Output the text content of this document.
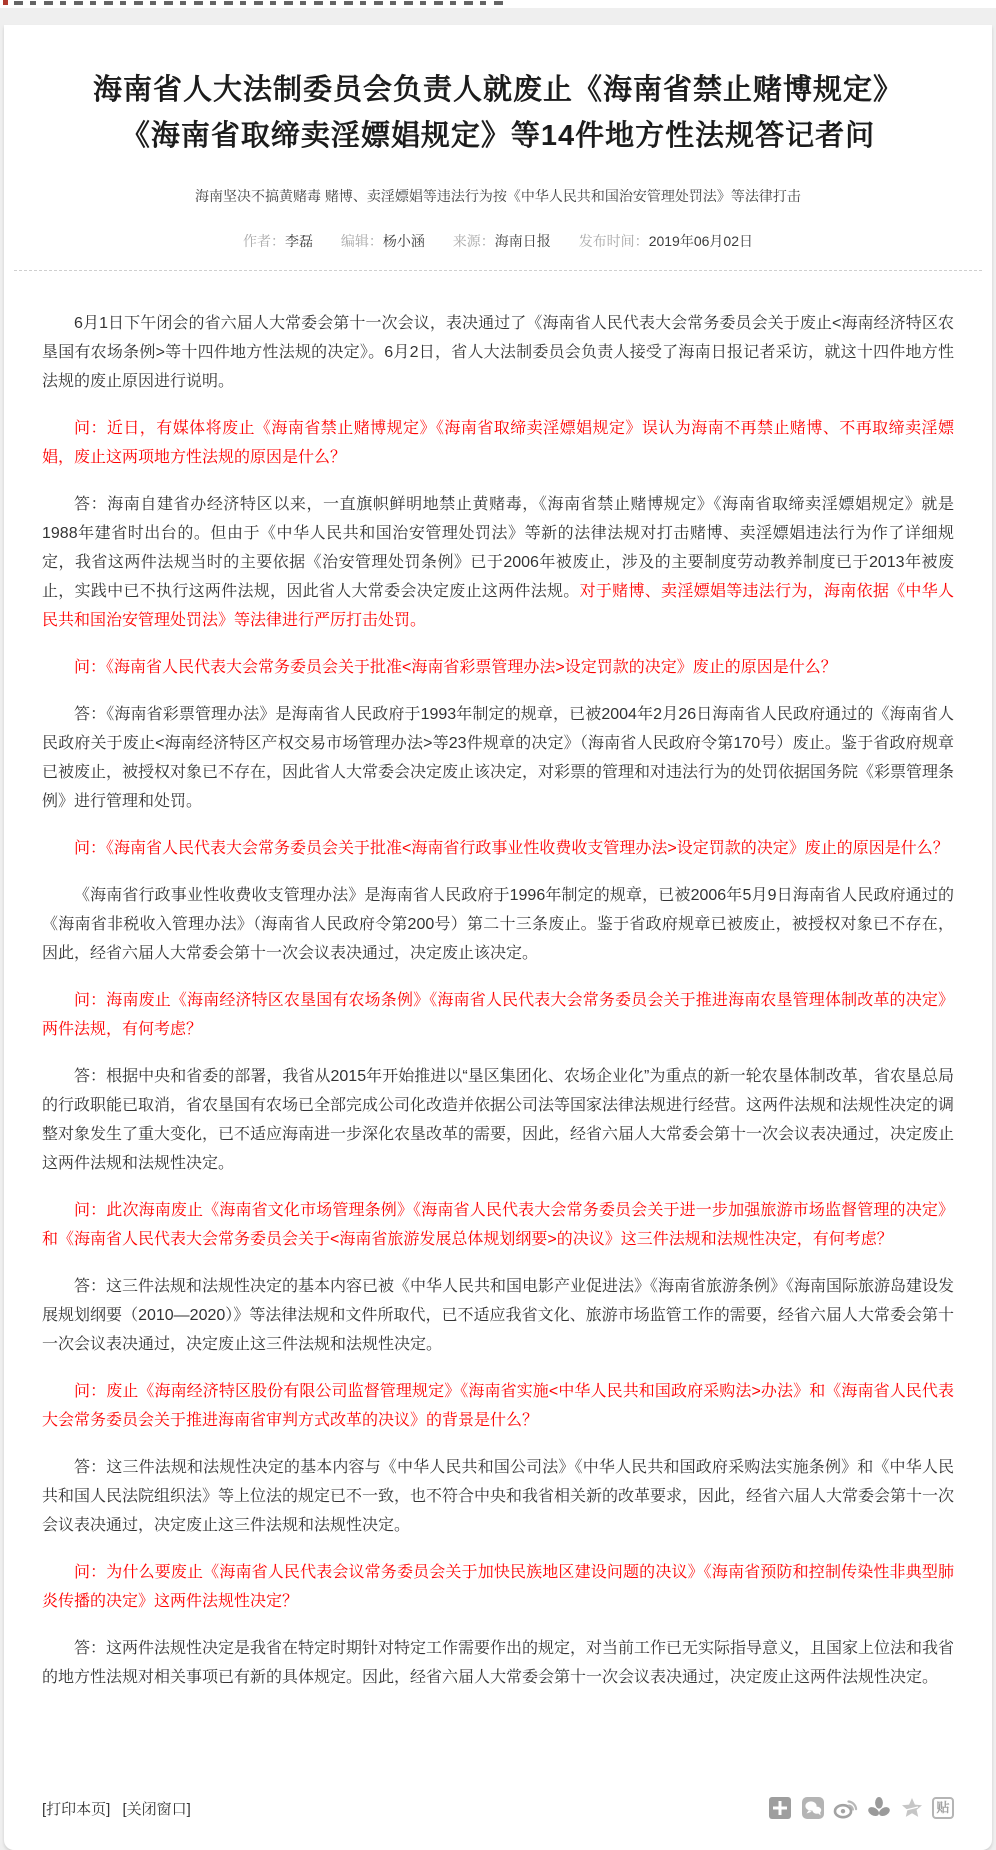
海南省人大法制委员会负责人就废止《海南省禁止赌博规定》
《海南省取缔卖淫嫖娼规定》等14件地方性法规答记者问
海南坚决不搞黄赌毒 赌博、卖淫嫖娼等违法行为按《中华人民共和国治安管理处罚法》等法律打击
作者：李磊 编辑：杨小涵 来源：海南日报 发布时间：2019年06月02日

6月1日下午闭会的省六届人大常委会第十一次会议，表决通过了《海南省人民代表大会常务委员会关于废止<海南经济特区农垦国有农场条例>等十四件地方性法规的决定》。6月2日，省人大法制委员会负责人接受了海南日报记者采访，就这十四件地方性法规的废止原因进行说明。

问：近日，有媒体将废止《海南省禁止赌博规定》《海南省取缔卖淫嫖娼规定》误认为海南不再禁止赌博、不再取缔卖淫嫖娼，废止这两项地方性法规的原因是什么？

答：海南自建省办经济特区以来，一直旗帜鲜明地禁止黄赌毒，《海南省禁止赌博规定》《海南省取缔卖淫嫖娼规定》就是1988年建省时出台的。但由于《中华人民共和国治安管理处罚法》等新的法律法规对打击赌博、卖淫嫖娼违法行为作了详细规定，我省这两件法规当时的主要依据《治安管理处罚条例》已于2006年被废止，涉及的主要制度劳动教养制度已于2013年被废止，实践中已不执行这两件法规，因此省人大常委会决定废止这两件法规。对于赌博、卖淫嫖娼等违法行为，海南依据《中华人民共和国治安管理处罚法》等法律进行严厉打击处罚。

问：《海南省人民代表大会常务委员会关于批准<海南省彩票管理办法>设定罚款的决定》废止的原因是什么？

答：《海南省彩票管理办法》是海南省人民政府于1993年制定的规章，已被2004年2月26日海南省人民政府通过的《海南省人民政府关于废止<海南经济特区产权交易市场管理办法>等23件规章的决定》（海南省人民政府令第170号）废止。鉴于省政府规章已被废止，被授权对象已不存在，因此省人大常委会决定废止该决定，对彩票的管理和对违法行为的处罚依据国务院《彩票管理条例》进行管理和处罚。

问：《海南省人民代表大会常务委员会关于批准<海南省行政事业性收费收支管理办法>设定罚款的决定》废止的原因是什么？

《海南省行政事业性收费收支管理办法》是海南省人民政府于1996年制定的规章，已被2006年5月9日海南省人民政府通过的《海南省非税收入管理办法》（海南省人民政府令第200号）第二十三条废止。鉴于省政府规章已被废止，被授权对象已不存在，因此，经省六届人大常委会第十一次会议表决通过，决定废止该决定。

问：海南废止《海南经济特区农垦国有农场条例》《海南省人民代表大会常务委员会关于推进海南农垦管理体制改革的决定》两件法规，有何考虑？

答：根据中央和省委的部署，我省从2015年开始推进以“垦区集团化、农场企业化”为重点的新一轮农垦体制改革，省农垦总局的行政职能已取消，省农垦国有农场已全部完成公司化改造并依据公司法等国家法律法规进行经营。这两件法规和法规性决定的调整对象发生了重大变化，已不适应海南进一步深化农垦改革的需要，因此，经省六届人大常委会第十一次会议表决通过，决定废止这两件法规和法规性决定。

问：此次海南废止《海南省文化市场管理条例》《海南省人民代表大会常务委员会关于进一步加强旅游市场监督管理的决定》和《海南省人民代表大会常务委员会关于<海南省旅游发展总体规划纲要>的决议》这三件法规和法规性决定，有何考虑？

答：这三件法规和法规性决定的基本内容已被《中华人民共和国电影产业促进法》《海南省旅游条例》《海南国际旅游岛建设发展规划纲要（2010—2020）》等法律法规和文件所取代，已不适应我省文化、旅游市场监管工作的需要，经省六届人大常委会第十一次会议表决通过，决定废止这三件法规和法规性决定。

问：废止《海南经济特区股份有限公司监督管理规定》《海南省实施<中华人民共和国政府采购法>办法》和《海南省人民代表大会常务委员会关于推进海南省审判方式改革的决议》的背景是什么？

答：这三件法规和法规性决定的基本内容与《中华人民共和国公司法》《中华人民共和国政府采购法实施条例》和《中华人民共和国人民法院组织法》等上位法的规定已不一致，也不符合中央和我省相关新的改革要求，因此，经省六届人大常委会第十一次会议表决通过，决定废止这三件法规和法规性决定。

问：为什么要废止《海南省人民代表会议常务委员会关于加快民族地区建设问题的决议》《海南省预防和控制传染性非典型肺炎传播的决定》这两件法规性决定？

答：这两件法规性决定是我省在特定时期针对特定工作需要作出的规定，对当前工作已无实际指导意义，且国家上位法和我省的地方性法规对相关事项已有新的具体规定。因此，经省六届人大常委会第十一次会议表决通过，决定废止这两件法规性决定。

[打印本页] [关闭窗口]	贴
